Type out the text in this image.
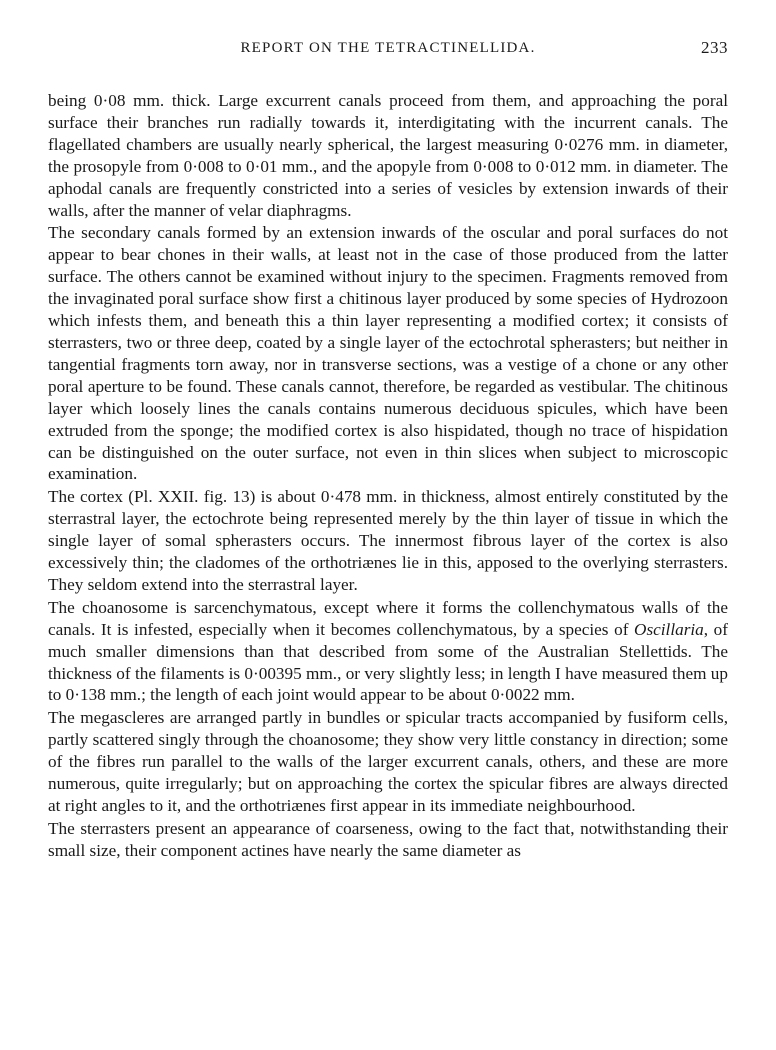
REPORT ON THE TETRACTINELLIDA.	233

being 0·08 mm. thick. Large excurrent canals proceed from them, and approaching the poral surface their branches run radially towards it, interdigitating with the incurrent canals. The flagellated chambers are usually nearly spherical, the largest measuring 0·0276 mm. in diameter, the prosopyle from 0·008 to 0·01 mm., and the apopyle from 0·008 to 0·012 mm. in diameter. The aphodal canals are frequently constricted into a series of vesicles by extension inwards of their walls, after the manner of velar diaphragms.

The secondary canals formed by an extension inwards of the oscular and poral surfaces do not appear to bear chones in their walls, at least not in the case of those produced from the latter surface. The others cannot be examined without injury to the specimen. Fragments removed from the invaginated poral surface show first a chitinous layer produced by some species of Hydrozoon which infests them, and beneath this a thin layer representing a modified cortex; it consists of sterrasters, two or three deep, coated by a single layer of the ectochrotal spherasters; but neither in tangential fragments torn away, nor in transverse sections, was a vestige of a chone or any other poral aperture to be found. These canals cannot, therefore, be regarded as vestibular. The chitinous layer which loosely lines the canals contains numerous deciduous spicules, which have been extruded from the sponge; the modified cortex is also hispidated, though no trace of hispidation can be distinguished on the outer surface, not even in thin slices when subject to microscopic examination.

The cortex (Pl. XXII. fig. 13) is about 0·478 mm. in thickness, almost entirely constituted by the sterrastral layer, the ectochrote being represented merely by the thin layer of tissue in which the single layer of somal spherasters occurs. The innermost fibrous layer of the cortex is also excessively thin; the cladomes of the orthotriænes lie in this, apposed to the overlying sterrasters. They seldom extend into the sterrastral layer.

The choanosome is sarcenchymatous, except where it forms the collenchymatous walls of the canals. It is infested, especially when it becomes collenchymatous, by a species of Oscillaria, of much smaller dimensions than that described from some of the Australian Stellettids. The thickness of the filaments is 0·00395 mm., or very slightly less; in length I have measured them up to 0·138 mm.; the length of each joint would appear to be about 0·0022 mm.

The megascleres are arranged partly in bundles or spicular tracts accompanied by fusiform cells, partly scattered singly through the choanosome; they show very little constancy in direction; some of the fibres run parallel to the walls of the larger excurrent canals, others, and these are more numerous, quite irregularly; but on approaching the cortex the spicular fibres are always directed at right angles to it, and the orthotriænes first appear in its immediate neighbourhood.

The sterrasters present an appearance of coarseness, owing to the fact that, notwithstanding their small size, their component actines have nearly the same diameter as
